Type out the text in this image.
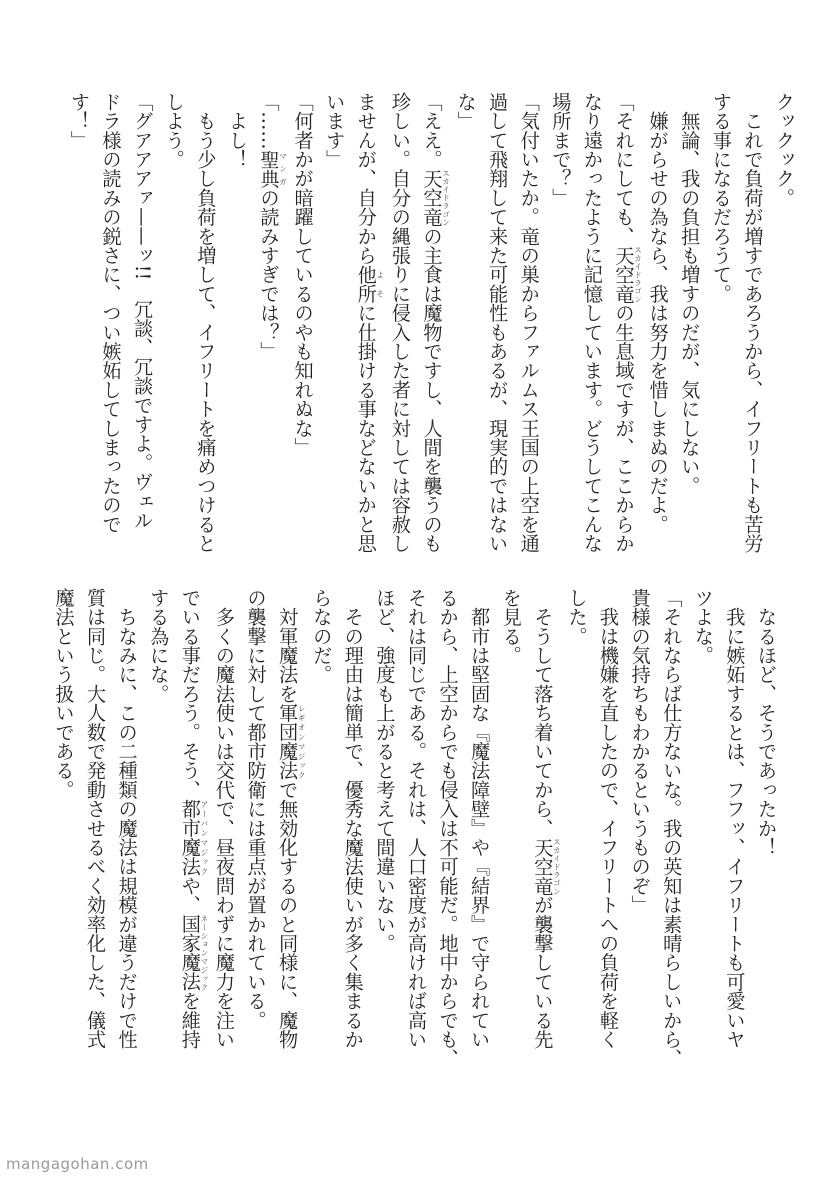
クックック。
　これで負荷が増すであろうから、イフリートも苦労
する事になるだろうて。
　無論、我の負担も増すのだが、気にしない。
　嫌がらせの為なら、我は努力を惜しまぬのだよ。
「それにしても、天空竜スカイドラゴンの生息域ですが、ここからか
なり遠かったように記憶しています。どうしてこんな
場所まで？」
「気付いたか。竜の巣からファルムス王国の上空を通
過して飛翔して来た可能性もあるが、現実的ではない
な」
「ええ。天空竜スカイドラゴンの主食は魔物ですし、人間を襲うのも
珍しい。自分の縄張りに侵入した者に対しては容赦し
ませんが、自分から他所よそに仕掛ける事などないかと思
います」
「何者かが暗躍しているのやも知れぬな」
「……聖典マンガの読みすぎでは？」
　よし！
　もう少し負荷を増して、イフリートを痛めつけると
しよう。
「グアアアァ——ッ!!　冗談、冗談ですよ。ヴェル
ドラ様の読みの鋭さに、つい嫉妬してしまったので
す！」
　なるほど、そうであったか！
　我に嫉妬するとは、フフッ、イフリートも可愛いヤ
ツよな。
「それならば仕方ないな。我の英知は素晴らしいから、
貴様の気持ちもわかるというものぞ」
　我は機嫌を直したので、イフリートへの負荷を軽く
した。
　そうして落ち着いてから、天空竜スカイドラゴンが襲撃している先
を見る。
　都市は堅固な『魔法障壁』や『結界』で守られてい
るから、上空からでも侵入は不可能だ。地中からでも、
それは同じである。それは、人口密度が高ければ高い
ほど、強度も上がると考えて間違いない。
　その理由は簡単で、優秀な魔法使いが多く集まるか
らなのだ。
　対軍魔法を軍団魔法レギオンマジックで無効化するのと同様に、魔物
の襲撃に対して都市防衛には重点が置かれている。
　多くの魔法使いは交代で、昼夜問わずに魔力を注い
でいる事だろう。そう、都市魔法アーバンマジックや、国家魔法ネーションマジックを維持
する為にな。
　ちなみに、この二種類の魔法は規模が違うだけで性
質は同じ。大人数で発動させるべく効率化した、儀式
魔法という扱いである。
mangagohan.com
